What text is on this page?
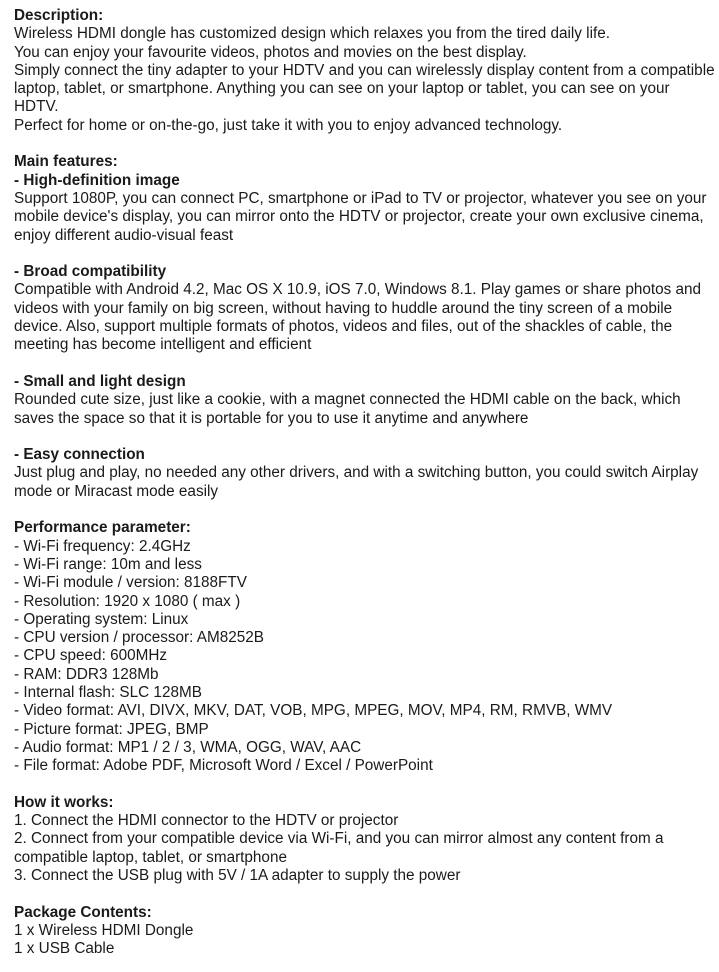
Description:
Wireless HDMI dongle has customized design which relaxes you from the tired daily life.
You can enjoy your favourite videos, photos and movies on the best display.
Simply connect the tiny adapter to your HDTV and you can wirelessly display content from a compatible laptop, tablet, or smartphone. Anything you can see on your laptop or tablet, you can see on your HDTV.
Perfect for home or on-the-go, just take it with you to enjoy advanced technology.
Main features:
- High-definition image
Support 1080P, you can connect PC, smartphone or iPad to TV or projector, whatever you see on your mobile device's display, you can mirror onto the HDTV or projector, create your own exclusive cinema, enjoy different audio-visual feast
- Broad compatibility
Compatible with Android 4.2, Mac OS X 10.9, iOS 7.0, Windows 8.1. Play games or share photos and videos with your family on big screen, without having to huddle around the tiny screen of a mobile device. Also, support multiple formats of photos, videos and files, out of the shackles of cable, the meeting has become intelligent and efficient
- Small and light design
Rounded cute size, just like a cookie, with a magnet connected the HDMI cable on the back, which saves the space so that it is portable for you to use it anytime and anywhere
- Easy connection
Just plug and play, no needed any other drivers, and with a switching button, you could switch Airplay mode or Miracast mode easily
Performance parameter:
- Wi-Fi frequency: 2.4GHz
- Wi-Fi range: 10m and less
- Wi-Fi module / version: 8188FTV
- Resolution: 1920 x 1080 ( max )
- Operating system: Linux
- CPU version / processor: AM8252B
- CPU speed: 600MHz
- RAM: DDR3 128Mb
- Internal flash: SLC 128MB
- Video format: AVI, DIVX, MKV, DAT, VOB, MPG, MPEG, MOV, MP4, RM, RMVB, WMV
- Picture format: JPEG, BMP
- Audio format: MP1 / 2 / 3, WMA, OGG, WAV, AAC
- File format: Adobe PDF, Microsoft Word / Excel / PowerPoint
How it works:
1. Connect the HDMI connector to the HDTV or projector
2. Connect from your compatible device via Wi-Fi, and you can mirror almost any content from a compatible laptop, tablet, or smartphone
3. Connect the USB plug with 5V / 1A adapter to supply the power
Package Contents:
1 x Wireless HDMI Dongle
1 x USB Cable
